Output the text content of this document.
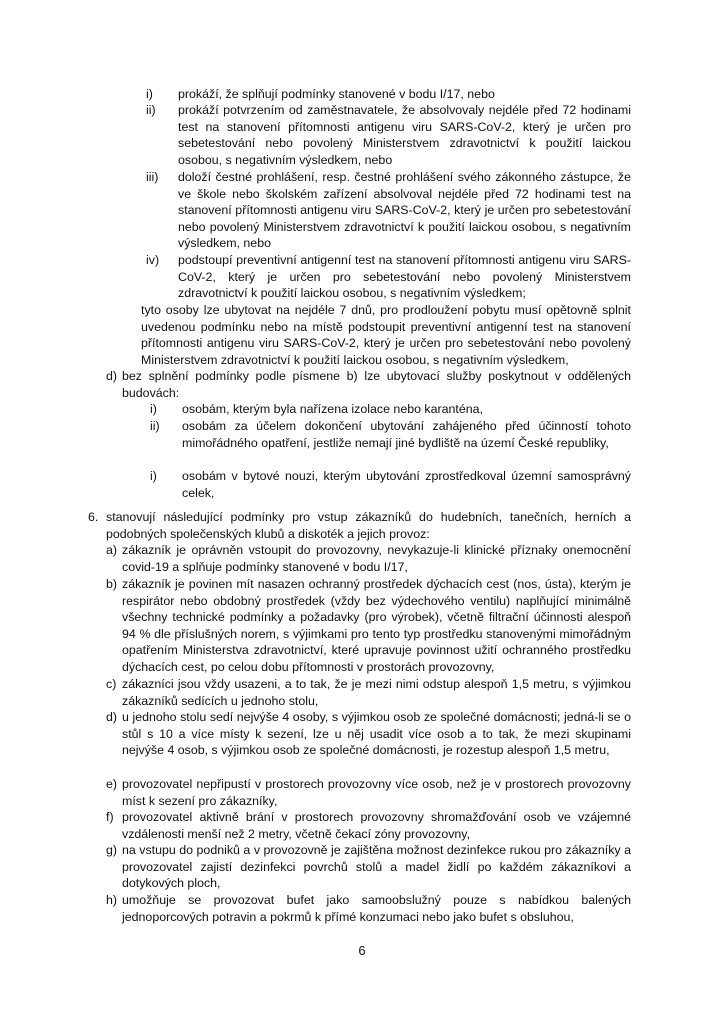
i)	prokáží, že splňují podmínky stanovené v bodu I/17, nebo
ii)	prokáží potvrzením od zaměstnavatele, že absolvovaly nejdéle před 72 hodinami test na stanovení přítomnosti antigenu viru SARS-CoV-2, který je určen pro sebetestování nebo povolený Ministerstvem zdravotnictví k použití laickou osobou, s negativním výsledkem, nebo
iii)	doloží čestné prohlášení, resp. čestné prohlášení svého zákonného zástupce, že ve škole nebo školském zařízení absolvoval nejdéle před 72 hodinami test na stanovení přítomnosti antigenu viru SARS-CoV-2, který je určen pro sebetestování nebo povolený Ministerstvem zdravotnictví k použití laickou osobou, s negativním výsledkem, nebo
iv)	podstoupí preventivní antigenní test na stanovení přítomnosti antigenu viru SARS-CoV-2, který je určen pro sebetestování nebo povolený Ministerstvem zdravotnictví k použití laickou osobou, s negativním výsledkem;
tyto osoby lze ubytovat na nejdéle 7 dnů, pro prodloužení pobytu musí opětovně splnit uvedenou podmínku nebo na místě podstoupit preventivní antigenní test na stanovení přítomnosti antigenu viru SARS-CoV-2, který je určen pro sebetestování nebo povolený Ministerstvem zdravotnictví k použití laickou osobou, s negativním výsledkem,
d) bez splnění podmínky podle písmene b) lze ubytovací služby poskytnout v oddělených budovách:
i)	osobám, kterým byla nařízena izolace nebo karanténa,
ii)	osobám za účelem dokončení ubytování zahájeného před účinností tohoto mimořádného opatření, jestliže nemají jiné bydliště na území České republiky,
i)	osobám v bytové nouzi, kterým ubytování zprostředkoval územní samosprávný celek,
6. stanovují následující podmínky pro vstup zákazníků do hudebních, tanečních, herních a podobných společenských klubů a diskoték a jejich provoz:
a) zákazník je oprávněn vstoupit do provozovny, nevykazuje-li klinické příznaky onemocnění covid-19 a splňuje podmínky stanovené v bodu I/17,
b) zákazník je povinen mít nasazen ochranný prostředek dýchacích cest (nos, ústa), kterým je respirátor nebo obdobný prostředek (vždy bez výdechového ventilu) naplňující minimálně všechny technické podmínky a požadavky (pro výrobek), včetně filtrační účinnosti alespoň 94 % dle příslušných norem, s výjimkami pro tento typ prostředku stanovenými mimořádným opatřením Ministerstva zdravotnictví, které upravuje povinnost užití ochranného prostředku dýchacích cest, po celou dobu přítomnosti v prostorách provozovny,
c) zákazníci jsou vždy usazeni, a to tak, že je mezi nimi odstup alespoň 1,5 metru, s výjimkou zákazníků sedících u jednoho stolu,
d) u jednoho stolu sedí nejvýše 4 osoby, s výjimkou osob ze společné domácnosti; jedná-li se o stůl s 10 a více místy k sezení, lze u něj usadit více osob a to tak, že mezi skupinami nejvýše 4 osob, s výjimkou osob ze společné domácnosti, je rozestup alespoň 1,5 metru,
e) provozovatel nepřipustí v prostorech provozovny více osob, než je v prostorech provozovny míst k sezení pro zákazníky,
f) provozovatel aktivně brání v prostorech provozovny shromažďování osob ve vzájemné vzdálenosti menší než 2 metry, včetně čekací zóny provozovny,
g) na vstupu do podniků a v provozovně je zajištěna možnost dezinfekce rukou pro zákazníky a provozovatel zajistí dezinfekci povrchů stolů a madel židlí po každém zákazníkovi a dotykových ploch,
h) umožňuje se provozovat bufet jako samoobslužný pouze s nabídkou balených jednoporcových potravin a pokrmů k přímé konzumaci nebo jako bufet s obsluhou,
6
